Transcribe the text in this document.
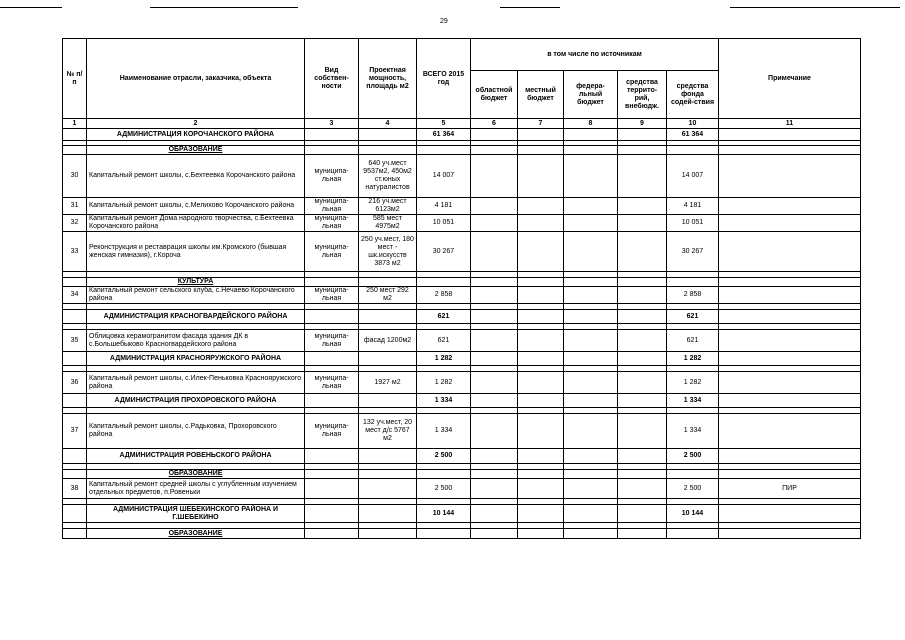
29
№ п/п	Наименование отрасли, заказчика, объекта	Вид собствен-ности	Проектная мощность, площадь м2	ВСЕГО 2015 год	в том числе по источникам					Примечание
					областной бюджет	местный бюджет	федера-льный бюджет	средства террито-рий, внебюдж.	средства фонда содей-ствия	
1	2	3	4	5	6	7	8	9	10	11
	АДМИНИСТРАЦИЯ КОРОЧАНСКОГО РАЙОНА			61 364					61 364	

	ОБРАЗОВАНИЕ									
30	Капитальный ремонт школы, с.Бехтеевка Корочанского района	муниципа-льная	640 уч.мест 9537м2, 450м2 ст.юных натуралистов	14 007					14 007	
31	Капитальный ремонт школы, с.Мелихово Корочанского района	муниципа-льная	216 уч.мест 6123м2	4 181					4 181	
32	Капитальный ремонт Дома народного творчества, с.Бехтеевка Корочанского района	муниципа-льная	585 мест 4975м2	10 051					10 051	
33	Реконструкция и реставрация школы им.Кромского (бывшая женская гимназия), г.Короча	муниципа-льная	250 уч.мест, 180 мест - шк.искусств 3873 м2	30 267					30 267	

	КУЛЬТУРА									
34	Капитальный ремонт сельского клуба, с.Нечаево Корочанского района	муниципа-льная	250 мест 292 м2	2 858					2 858	

	АДМИНИСТРАЦИЯ КРАСНОГВАРДЕЙСКОГО РАЙОНА			621					621	

35	Облицовка керамогранитом фасада здания ДК в с.Большебыково Красногвардейского района	муниципа-льная	фасад 1200м2	621					621	
	АДМИНИСТРАЦИЯ КРАСНОЯРУЖСКОГО РАЙОНА			1 282					1 282	

36	Капитальный ремонт школы, с.Илек-Пеньковка Краснояружского района	муниципа-льная	1927 м2	1 282					1 282	
	АДМИНИСТРАЦИЯ ПРОХОРОВСКОГО РАЙОНА			1 334					1 334	

37	Капитальный ремонт школы, с.Радьковка, Прохоровского района	муниципа-льная	132 уч.мест, 20 мест д/с 5767 м2	1 334					1 334	
	АДМИНИСТРАЦИЯ РОВЕНЬСКОГО РАЙОНА			2 500					2 500	

	ОБРАЗОВАНИЕ									
38	Капитальный ремонт средней школы с углубленным изучением отдельных предметов, п.Ровеньки			2 500					2 500	ПИР

	АДМИНИСТРАЦИЯ ШЕБЕКИНСКОГО РАЙОНА И Г.ШЕБЕКИНО			10 144					10 144	

	ОБРАЗОВАНИЕ									
